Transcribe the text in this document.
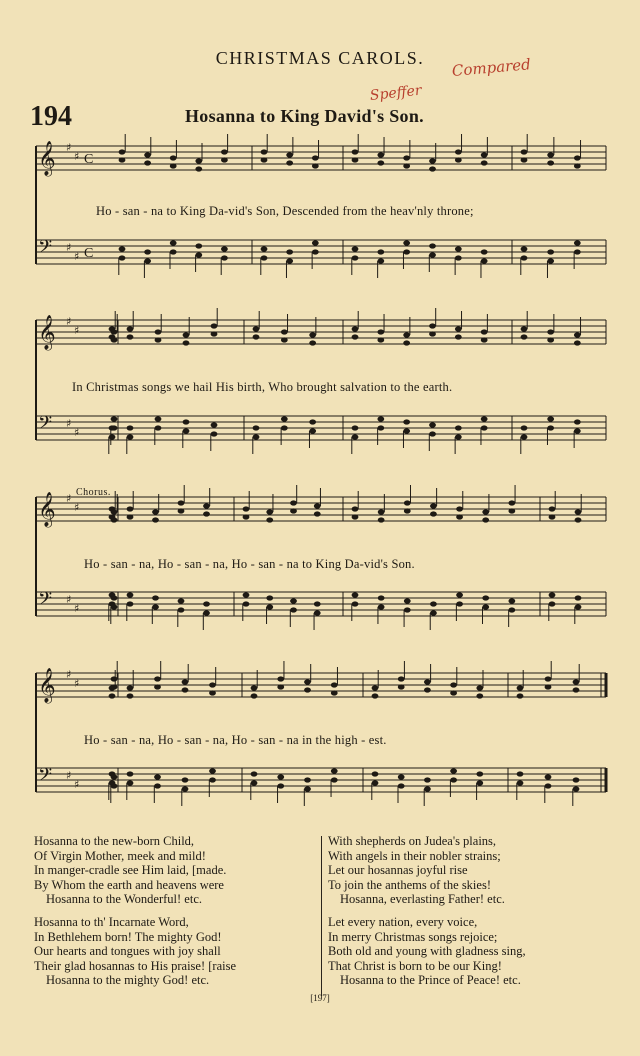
𝄞 ♯
♯ C
𝄢 ♯
♯ C
𝄞 ♯
♯
𝄢 ♯
♯
𝄞 ♯
♯
𝄢 ♯
♯
𝄞 ♯
♯
𝄢 ♯
♯
CHRISTMAS CAROLS.	Compared
Speffer
194	Hosanna to King David's Son.
Ho - san - na to King Da-vid's Son, Descended from the heav'nly throne;
In Christmas songs we hail His birth, Who brought salvation to the earth.
Chorus.
Ho - san - na, Ho - san - na, Ho - san - na to King Da-vid's Son.
Ho - san - na, Ho - san - na, Ho - san - na in the high - est.
Hosanna to the new-born Child,
Of Virgin Mother, meek and mild!
In manger-cradle see Him laid, [made.
By Whom the earth and heavens were
Hosanna to the Wonderful! etc.
Hosanna to th' Incarnate Word,
In Bethlehem born! The mighty God!
Our hearts and tongues with joy shall
Their glad hosannas to His praise! [raise
Hosanna to the mighty God! etc.
With shepherds on Judea's plains,
With angels in their nobler strains;
Let our hosannas joyful rise
To join the anthems of the skies!
Hosanna, everlasting Father! etc.
Let every nation, every voice,
In merry Christmas songs rejoice;
Both old and young with gladness sing,
That Christ is born to be our King!
Hosanna to the Prince of Peace! etc.
[197]
